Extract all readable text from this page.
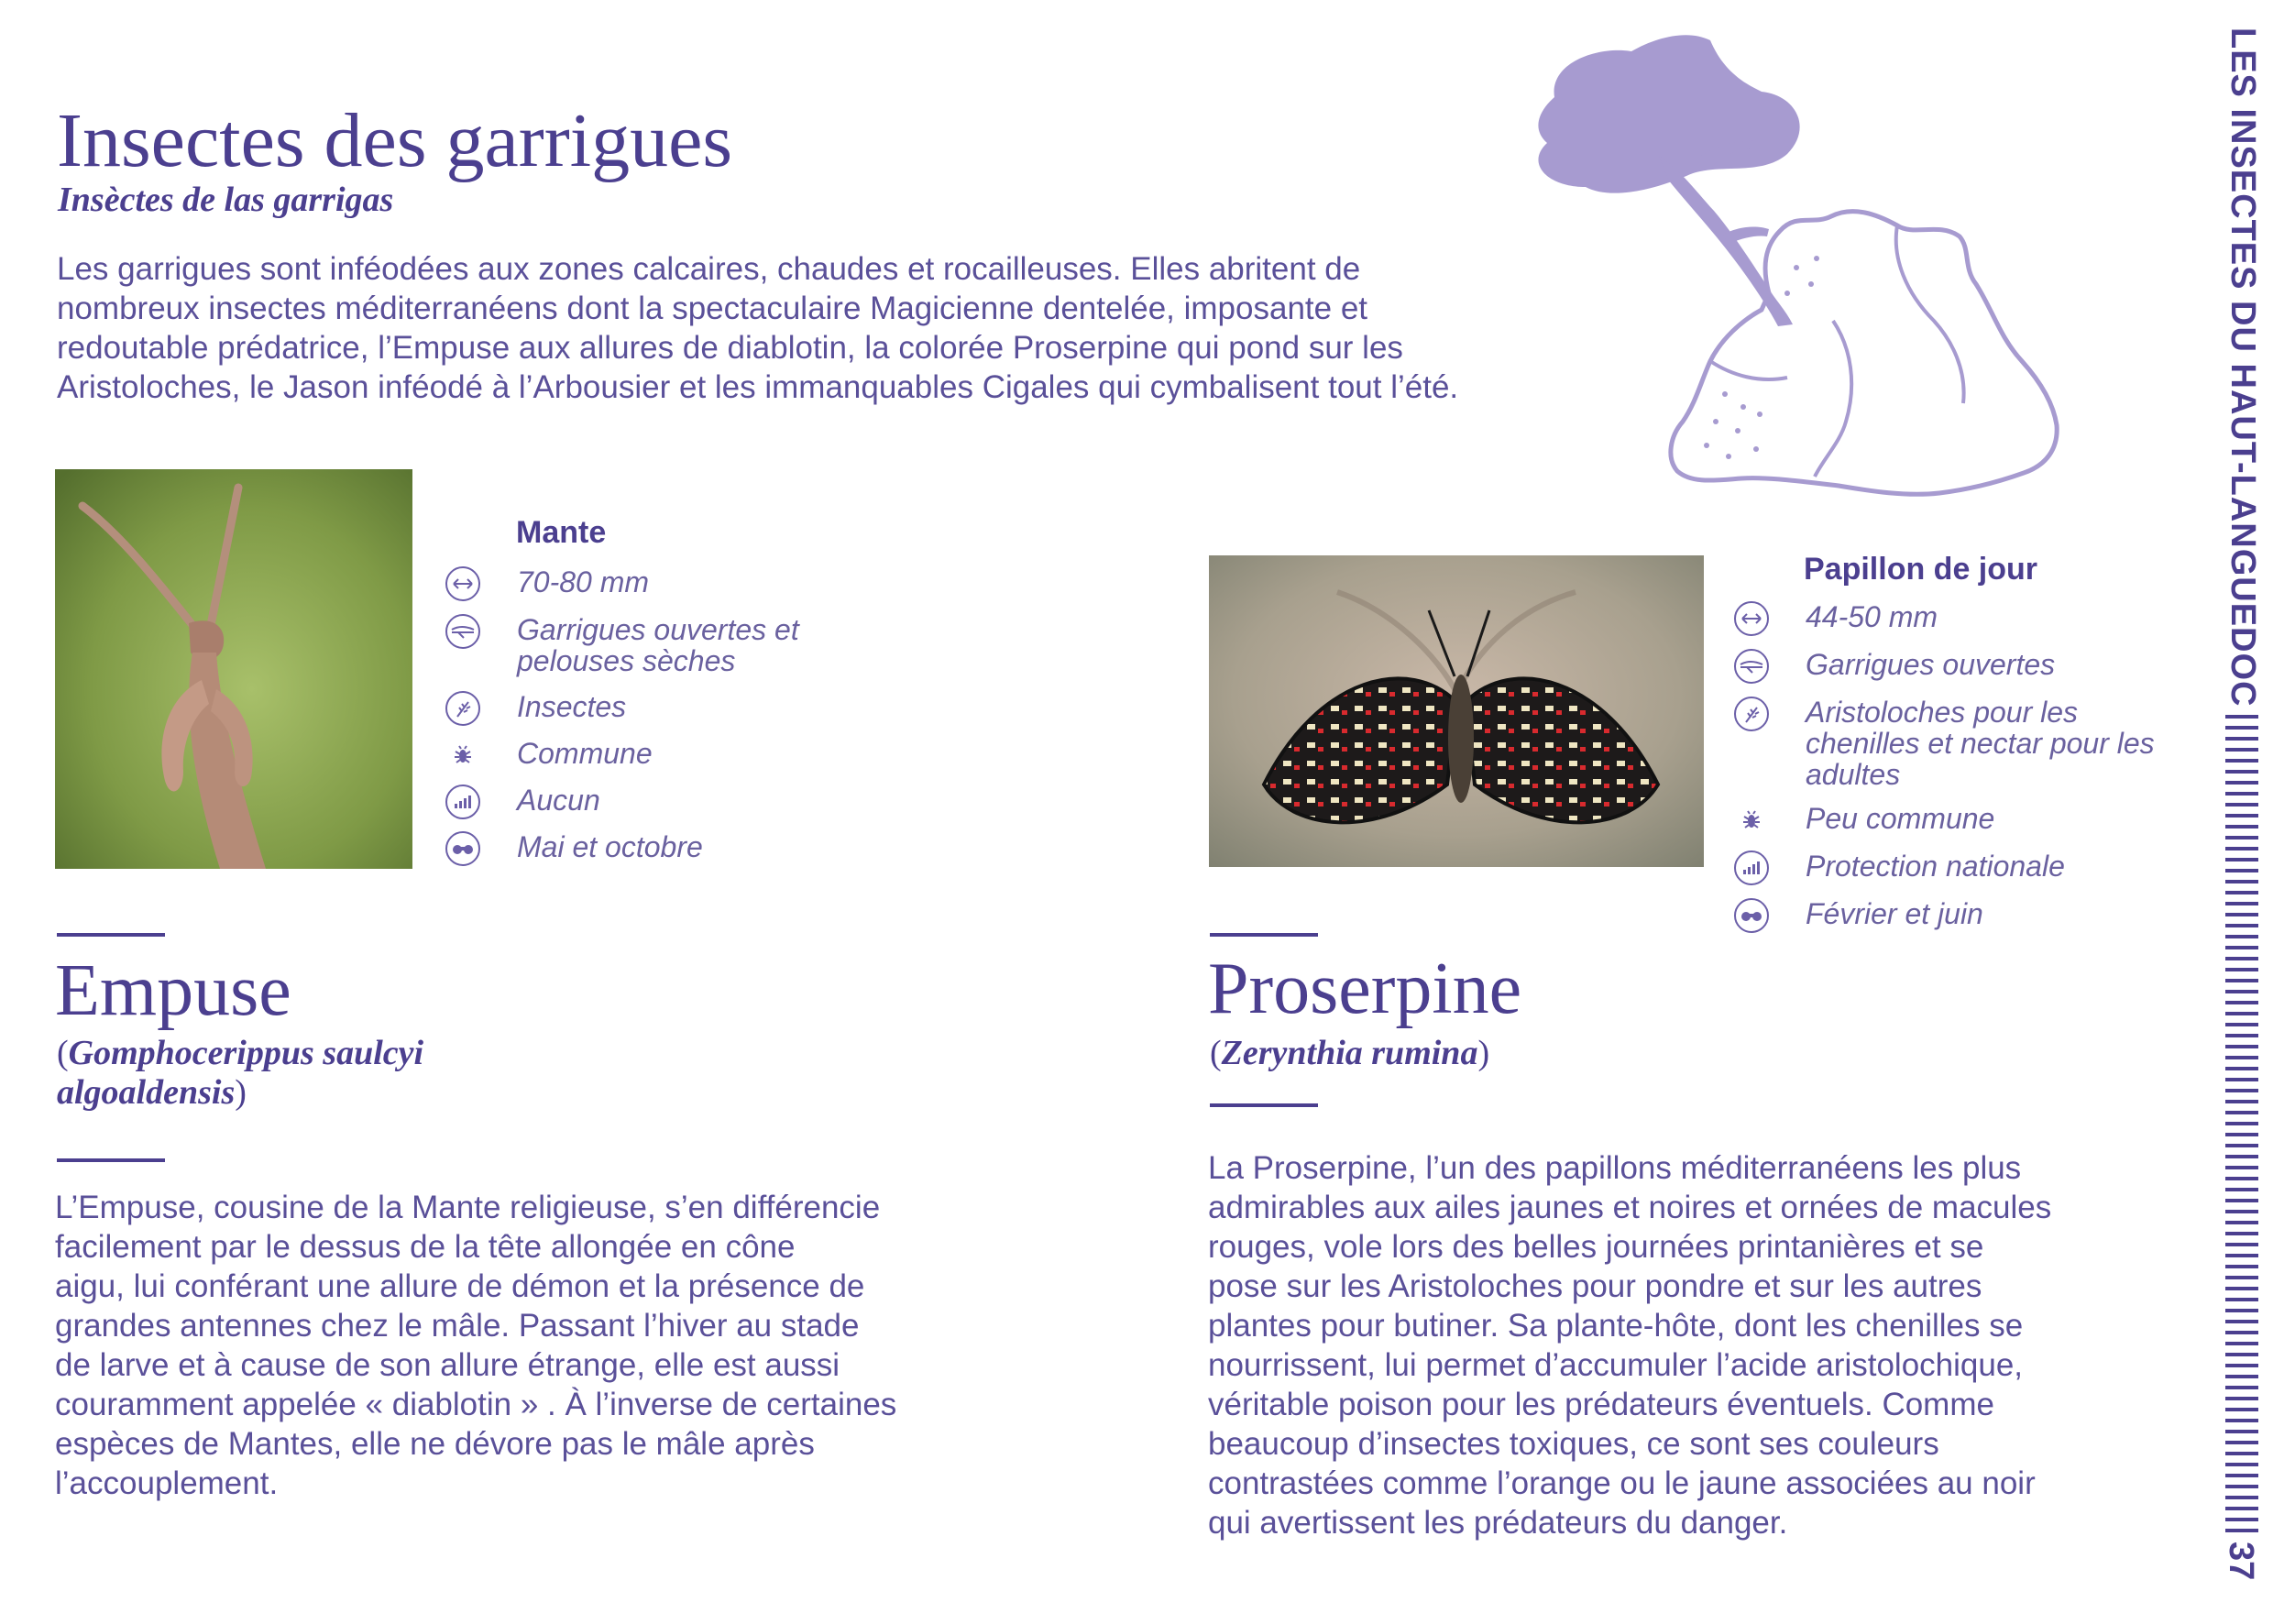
Insectes des garrigues
Insèctes de las garrigas
Les garrigues sont inféodées aux zones calcaires, chaudes et rocailleuses. Elles abritent de
nombreux insectes méditerranéens dont la spectaculaire Magicienne dentelée, imposante et
redoutable prédatrice, l’Empuse aux allures de diablotin, la colorée Proserpine qui pond sur les
Aristoloches, le Jason inféodé à l’Arbousier et les immanquables Cigales qui cymbalisent tout l’été.
Mante
70-80 mm
Garrigues ouvertes et pelouses sèches
Insectes
Commune
Aucun
Mai et octobre
Empuse
(Gomphocerippus saulcyi algoaldensis)
L’Empuse, cousine de la Mante religieuse, s’en différencie
facilement par le dessus de la tête allongée en cône
aigu, lui conférant une allure de démon et la présence de
grandes antennes chez le mâle. Passant l’hiver au stade
de larve et à cause de son allure étrange, elle est aussi
couramment appelée « diablotin » . À l’inverse de certaines
espèces de Mantes, elle ne dévore pas le mâle après
l’accouplement.
Papillon de jour
44-50 mm
Garrigues ouvertes
Aristoloches pour les chenilles et nectar pour les adultes
Peu commune
Protection nationale
Février et juin
Proserpine
(Zerynthia rumina)
La Proserpine, l’un des papillons méditerranéens les plus
admirables aux ailes jaunes et noires et ornées de macules
rouges, vole lors des belles journées printanières et se
pose sur les Aristoloches pour pondre et sur les autres
plantes pour butiner. Sa plante-hôte, dont les chenilles se
nourrissent, lui permet d’accumuler l’acide aristolochique,
véritable poison pour les prédateurs éventuels. Comme
beaucoup d’insectes toxiques, ce sont ses couleurs
contrastées comme l’orange ou le jaune associées au noir
qui avertissent les prédateurs du danger.
LES INSECTES DU HAUT-LANGUEDOC
37
